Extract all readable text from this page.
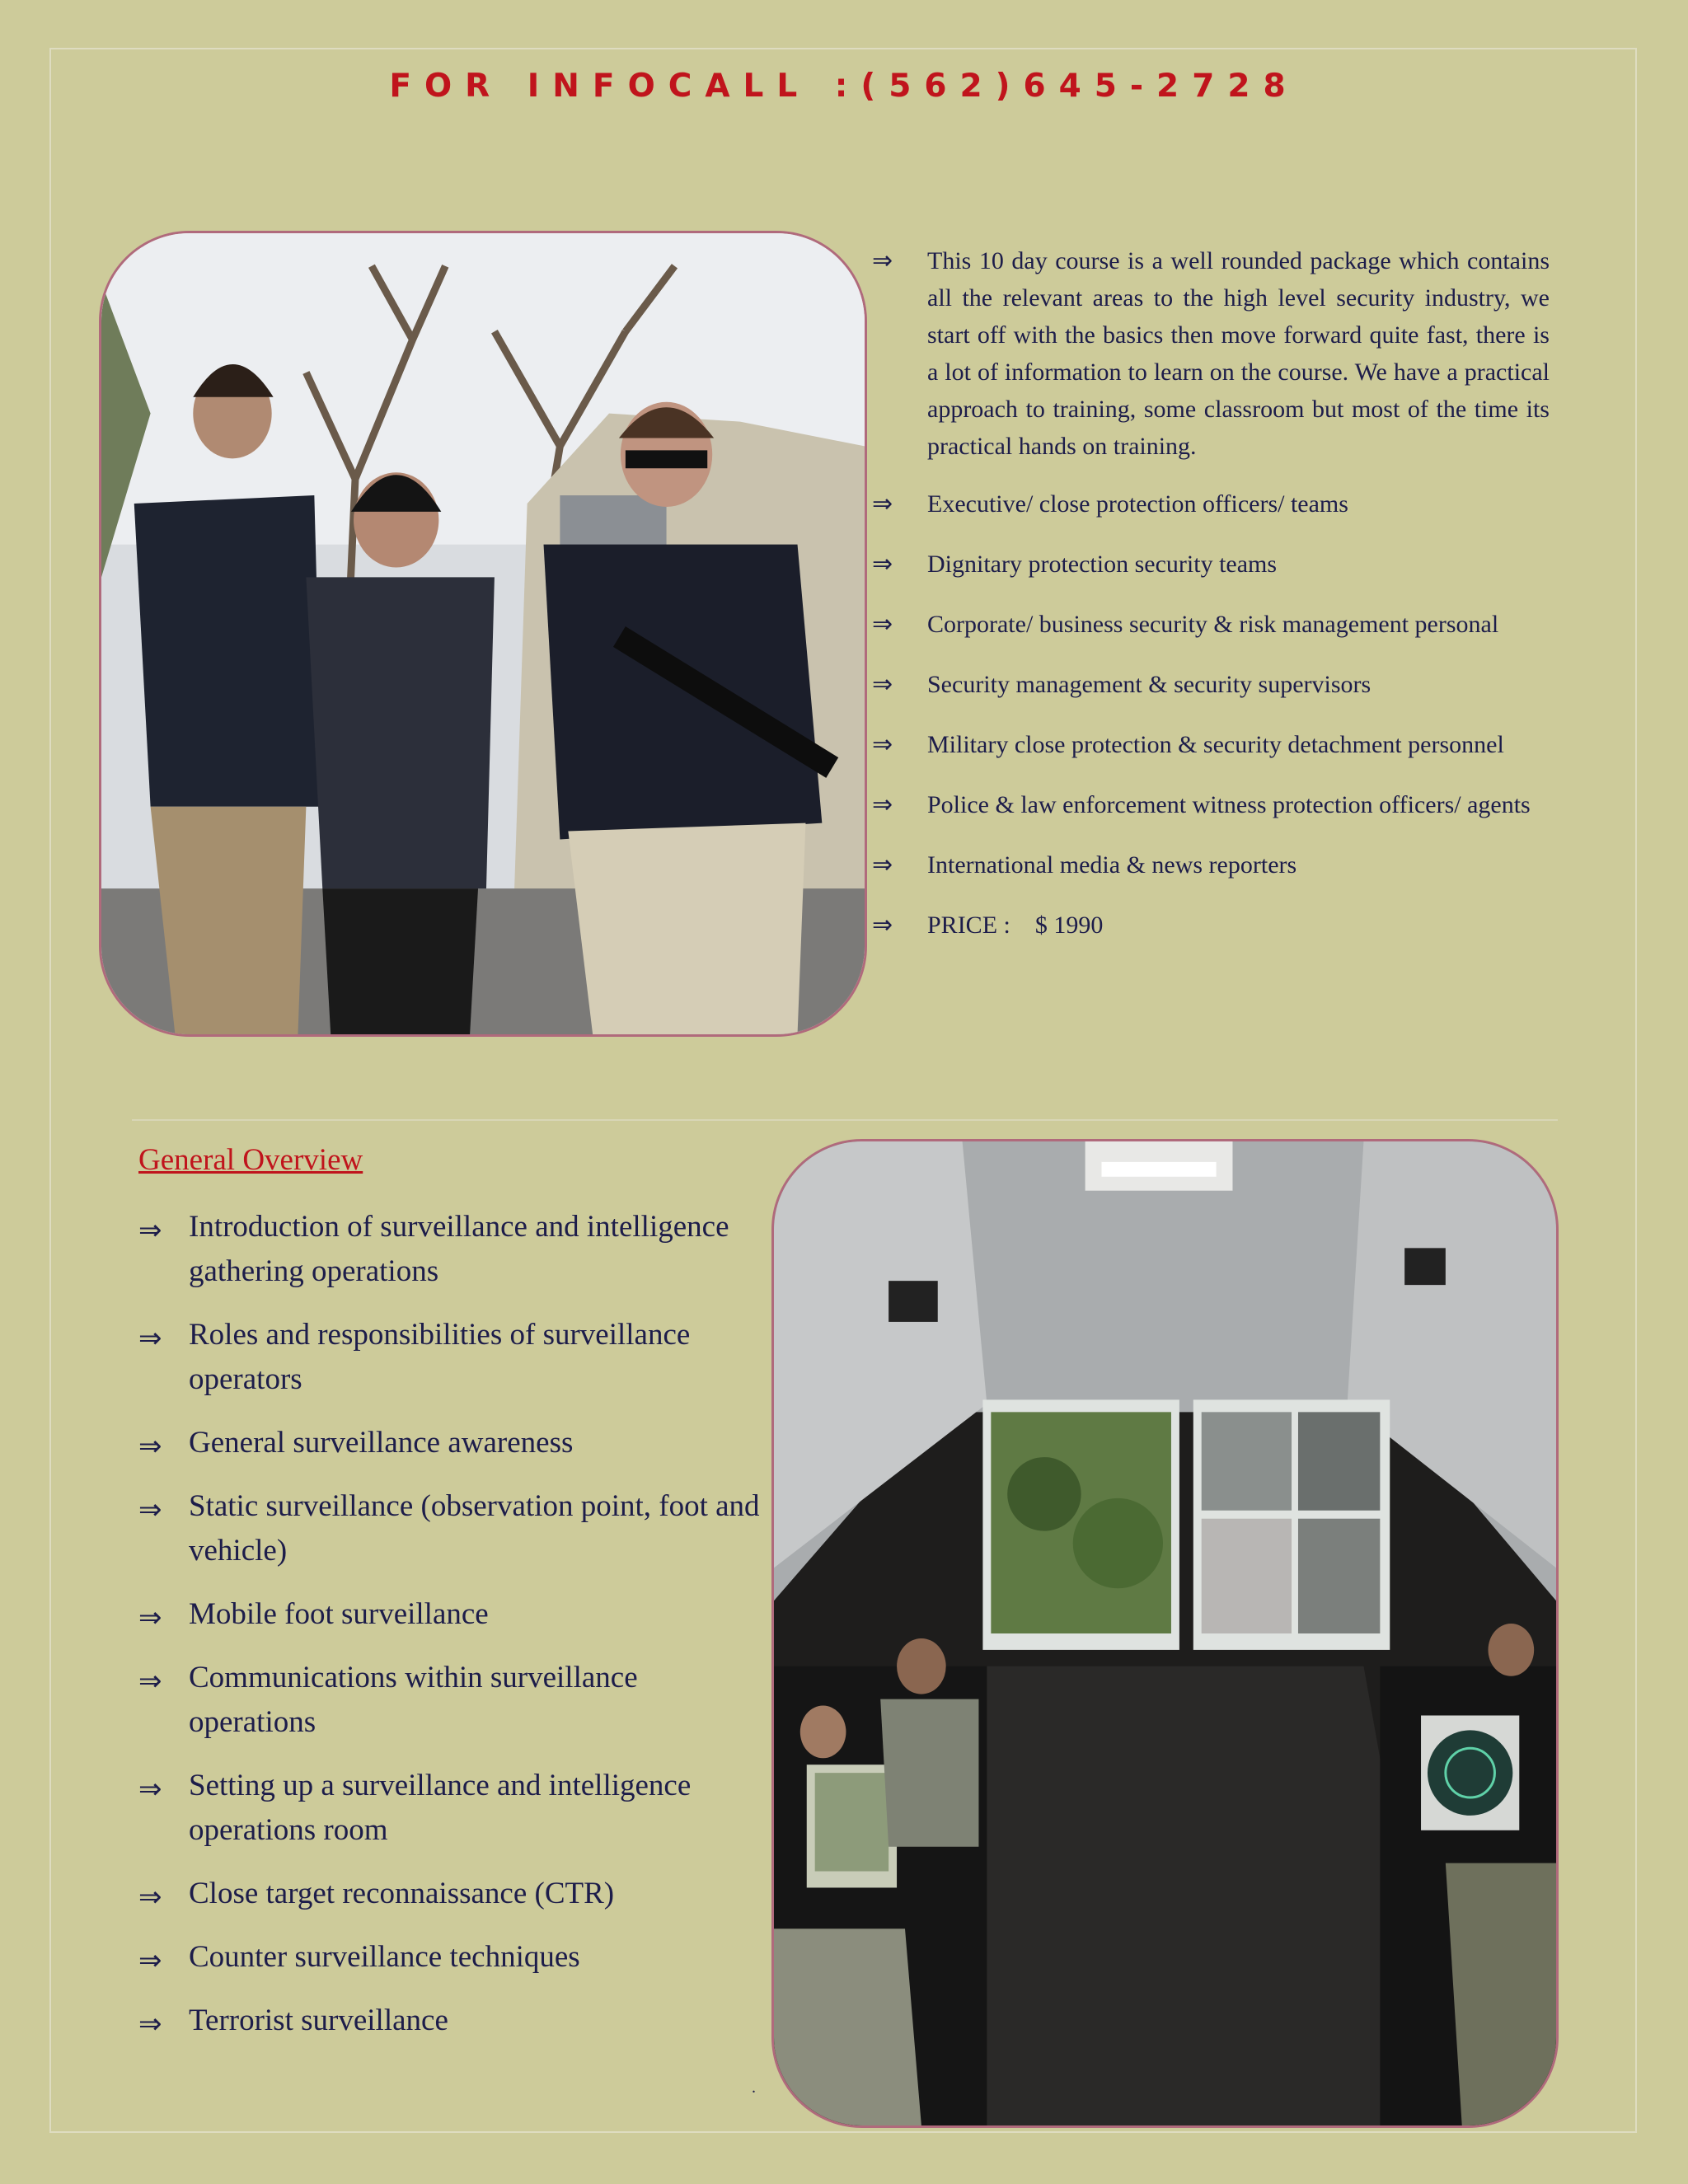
FOR INFOCALL :(562)645-2728
⇒ This 10 day course is a well rounded package which contains all the relevant areas to the high level security industry, we start off with the basics then move forward quite fast, there is a lot of information to learn on the course. We have a practical approach to training, some classroom but most of the time its practical hands on training.
⇒ Executive/ close protection officers/ teams
⇒ Dignitary protection security teams
⇒ Corporate/ business security & risk management personal
⇒ Security management & security supervisors
⇒ Military close protection & security detachment personnel
⇒ Police & law enforcement witness protection officers/ agents
⇒ International media & news reporters
⇒ PRICE : $ 1990
General Overview
⇒ Introduction of surveillance and intelligence gathering operations
⇒ Roles and responsibilities of surveillance operators
⇒ General surveillance awareness
⇒ Static surveillance (observation point, foot and vehicle)
⇒ Mobile foot surveillance
⇒ Communications within surveillance operations
⇒ Setting up a surveillance and intelligence operations room
⇒ Close target reconnaissance (CTR)
⇒ Counter surveillance techniques
⇒ Terrorist surveillance
.
